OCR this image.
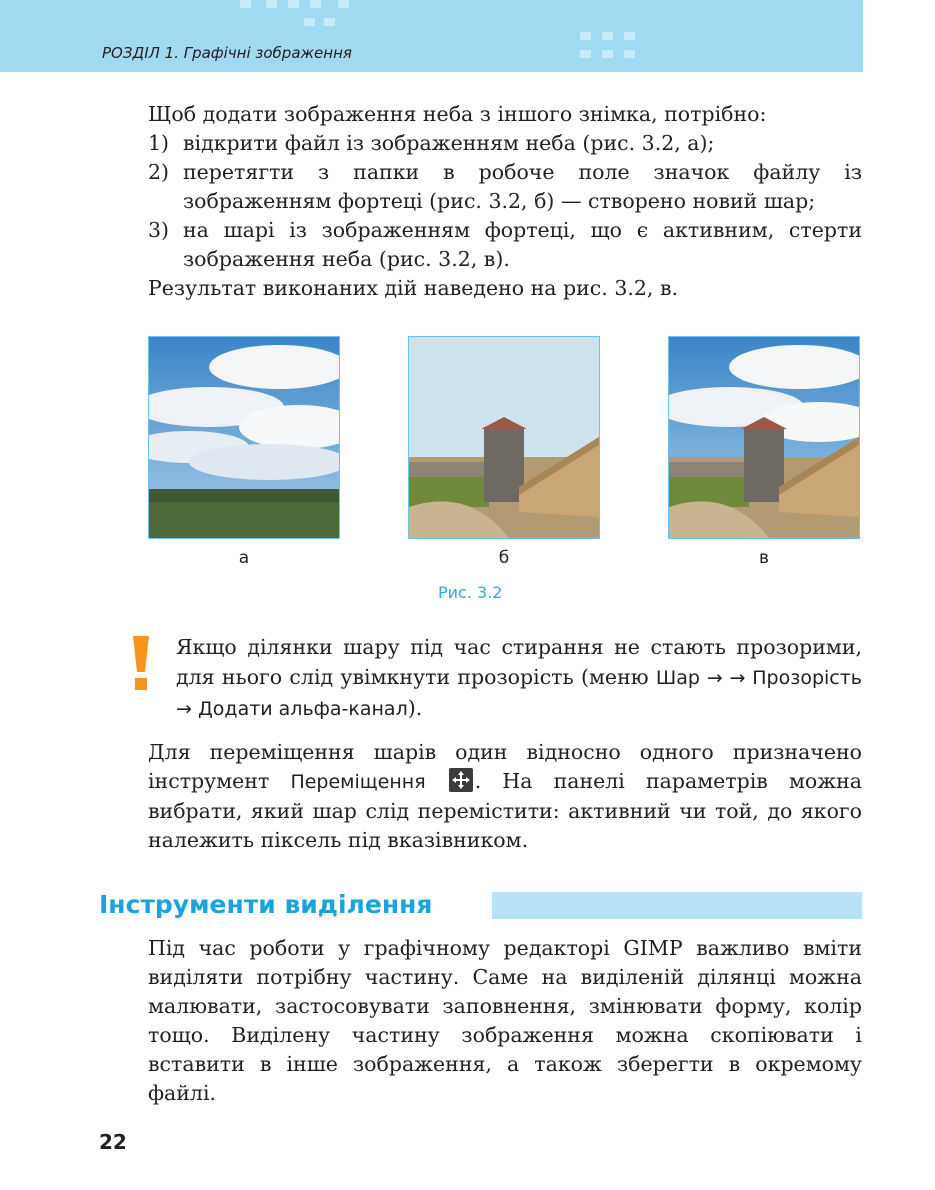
РОЗДІЛ 1. Графічні зображення

Щоб додати зображення неба з іншого знімка, потрібно:

1) відкрити файл із зображенням неба (рис. 3.2, а);
2) перетягти з папки в робоче поле значок файлу із зображенням фортеці (рис. 3.2, б) — створено новий шар;
3) на шарі із зображенням фортеці, що є активним, стерти зображення неба (рис. 3.2, в).

Результат виконаних дій наведено на рис. 3.2, в.

а	б	в
Рис. 3.2
Якщо ділянки шару під час стирання не стають прозорими, для нього слід увімкнути прозорість (меню Шар → → Прозорість → Додати альфа-канал).
Для переміщення шарів один відносно одного призначено інструмент Переміщення . На панелі параметрів можна вибрати, який шар слід перемістити: активний чи той, до якого належить піксель під вказівником.
Інструменти виділення
Під час роботи у графічному редакторі GIMP важливо вміти виділяти потрібну частину. Саме на виділеній ділянці можна малювати, застосовувати заповнення, змінювати форму, колір тощо. Виділену частину зображення можна скопіювати і вставити в інше зображення, а також зберегти в окремому файлі.
22
